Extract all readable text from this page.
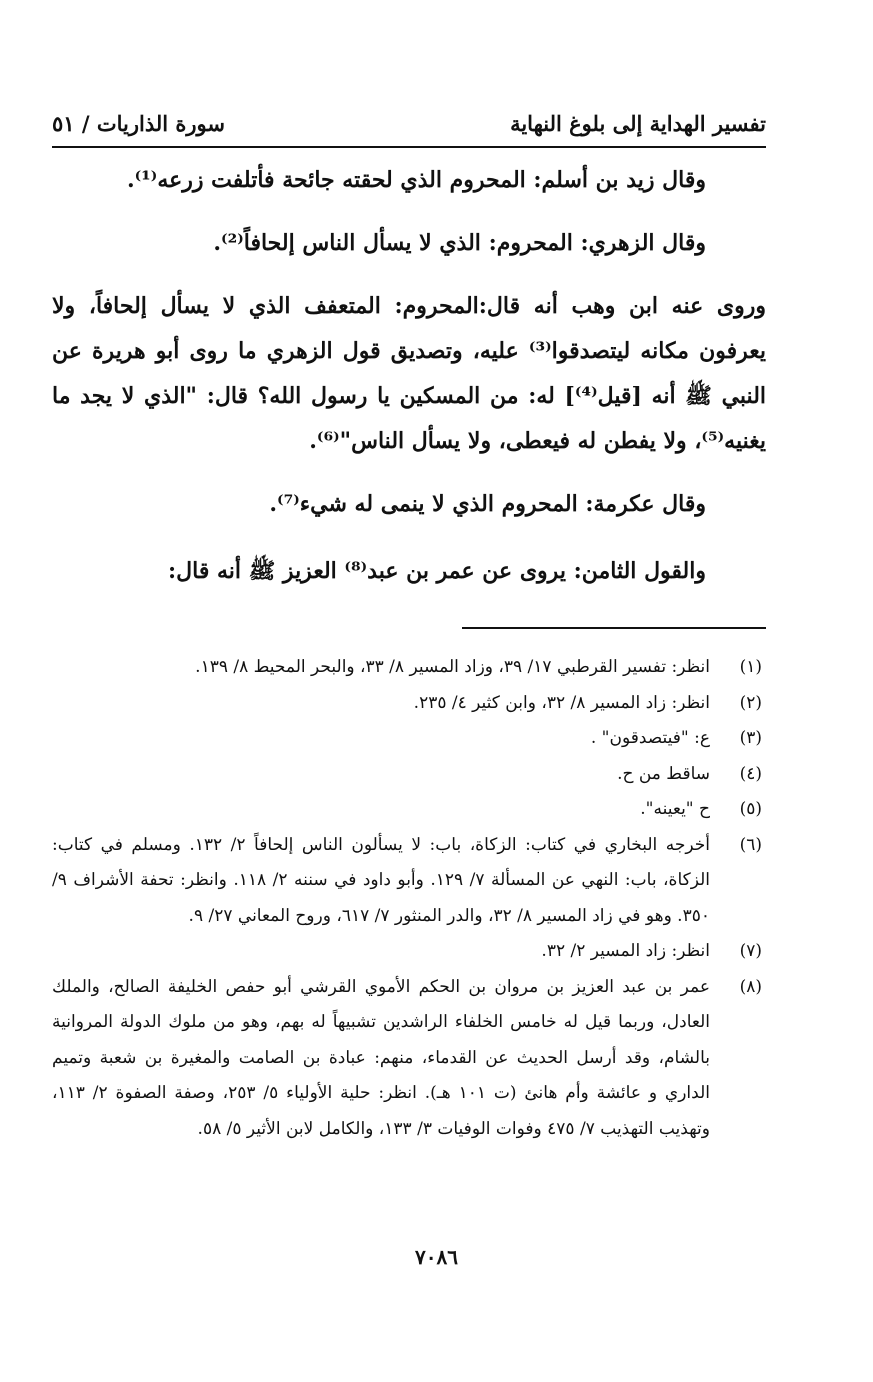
تفسير الهداية إلى بلوغ النهاية
سورة الذاريات / ٥١

وقال زيد بن أسلم: المحروم الذي لحقته جائحة فأتلفت زرعه⁽¹⁾.

وقال الزهري: المحروم: الذي لا يسأل الناس إلحافاً⁽²⁾.

وروى عنه ابن وهب أنه قال:المحروم: المتعفف الذي لا يسأل إلحافاً، ولا يعرفون مكانه ليتصدقوا⁽³⁾ عليه، وتصديق قول الزهري ما روى أبو هريرة عن النبي ﷺ أنه [قيل⁽⁴⁾] له: من المسكين يا رسول الله؟ قال: "الذي لا يجد ما يغنيه⁽⁵⁾، ولا يفطن له فيعطى، ولا يسأل الناس"⁽⁶⁾.

وقال عكرمة: المحروم الذي لا ينمى له شيء⁽⁷⁾.

والقول الثامن: يروى عن عمر بن عبد⁽⁸⁾ العزيز ﷺ أنه قال:

(١)
انظر: تفسير القرطبي ١٧/ ٣٩، وزاد المسير ٨/ ٣٣، والبحر المحيط ٨/ ١٣٩.
(٢)
انظر: زاد المسير ٨/ ٣٢، وابن كثير ٤/ ٢٣٥.
(٣)
ع: "فيتصدقون" .
(٤)
ساقط من ح.
(٥)
ح "يعينه".
(٦)
أخرجه البخاري في كتاب: الزكاة، باب: لا يسألون الناس إلحافاً ٢/ ١٣٢. ومسلم في كتاب: الزكاة، باب: النهي عن المسألة ٧/ ١٢٩. وأبو داود في سننه ٢/ ١١٨. وانظر: تحفة الأشراف ٩/ ٣٥٠. وهو في زاد المسير ٨/ ٣٢، والدر المنثور ٧/ ٦١٧، وروح المعاني ٢٧/ ٩.
(٧)
انظر: زاد المسير ٢/ ٣٢.
(٨)
عمر بن عبد العزيز بن مروان بن الحكم الأموي القرشي أبو حفص الخليفة الصالح، والملك العادل، وربما قيل له خامس الخلفاء الراشدين تشبيهاً له بهم، وهو من ملوك الدولة المروانية بالشام، وقد أرسل الحديث عن القدماء، منهم: عبادة بن الصامت والمغيرة بن شعبة وتميم الداري و عائشة وأم هانئ (ت ١٠١ هـ). انظر: حلية الأولياء ٥/ ٢٥٣، وصفة الصفوة ٢/ ١١٣، وتهذيب التهذيب ٧/ ٤٧٥ وفوات الوفيات ٣/ ١٣٣، والكامل لابن الأثير ٥/ ٥٨.
٧٠٨٦
